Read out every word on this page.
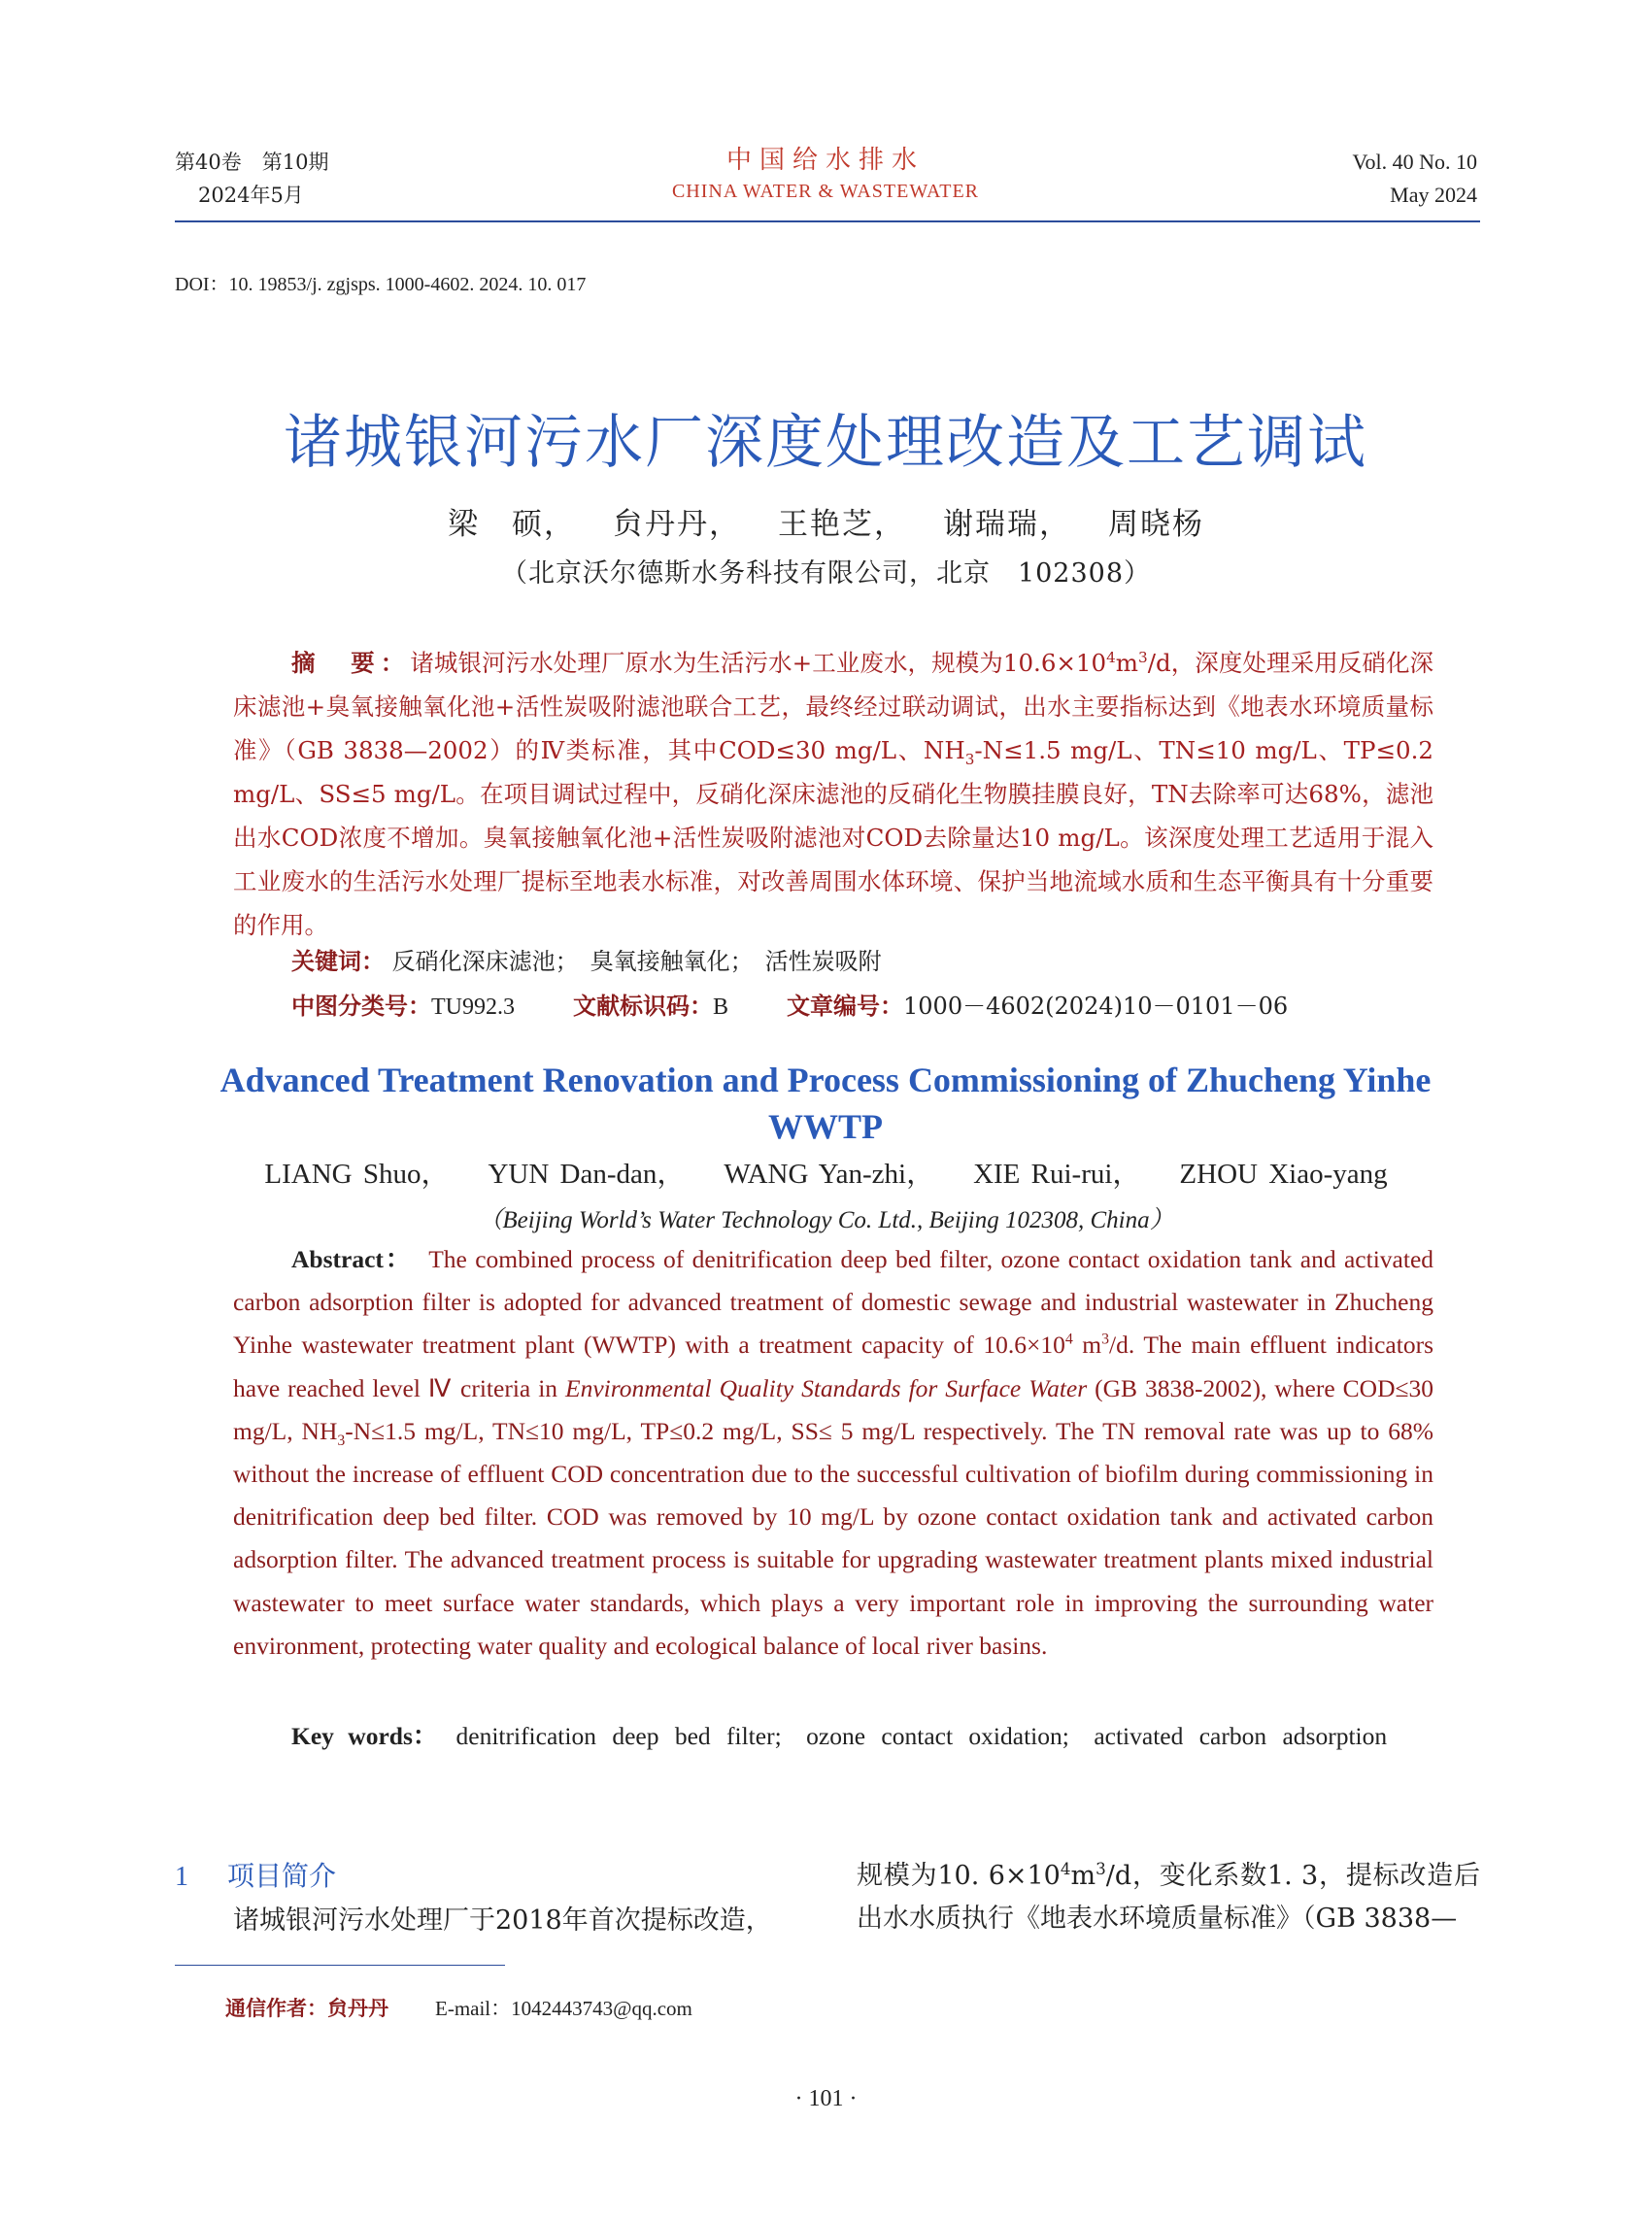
第40卷　第10期
2024年5月
中国给水排水
CHINA WATER & WASTEWATER
Vol. 40 No. 10
May 2024
DOI：10. 19853/j. zgjsps. 1000-4602. 2024. 10. 017
诸城银河污水厂深度处理改造及工艺调试
梁　硕， 贠丹丹， 王艳芝， 谢瑞瑞， 周晓杨
（北京沃尔德斯水务科技有限公司，北京　102308）
摘　要：诸城银河污水处理厂原水为生活污水+工业废水，规模为$10.6\times 10^4m^3/d$，深度处理采用反硝化深床滤池+臭氧接触氧化池+活性炭吸附滤池联合工艺，最终经过联动调试，出水主要指标达到《地表水环境质量标准》（GB 3838—2002）的Ⅳ类标准，其中COD≤30 mg/L、$NH_3-N\le 1.5$ mg/L、TN≤10 mg/L、TP≤0.2 mg/L、SS≤5 mg/L。在项目调试过程中，反硝化深床滤池的反硝化生物膜挂膜良好，TN去除率可达68%，滤池出水COD浓度不增加。臭氧接触氧化池+活性炭吸附滤池对COD去除量达10 mg/L。该深度处理工艺适用于混入工业废水的生活污水处理厂提标至地表水标准，对改善周围水体环境、保护当地流域水质和生态平衡具有十分重要的作用。
关键词： 反硝化深床滤池；　臭氧接触氧化；　活性炭吸附
中图分类号：TU992.3	文献标识码：B	文章编号：1000－4602(2024)10－0101－06
Advanced Treatment Renovation and Process Commissioning of Zhucheng Yinhe WWTP
LIANG Shuo， YUN Dan-dan， WANG Yan-zhi， XIE Rui-rui， ZHOU Xiao-yang
（Beijing World’s Water Technology Co. Ltd., Beijing 102308, China）
Abstract： The combined process of denitrification deep bed filter, ozone contact oxidation tank and activated carbon adsorption filter is adopted for advanced treatment of domestic sewage and industrial wastewater in Zhucheng Yinhe wastewater treatment plant (WWTP) with a treatment capacity of $10.6\times 10^4$ $m^3/d$. The main effluent indicators have reached level Ⅳ criteria in Environmental Quality Standards for Surface Water (GB 3838-2002), where COD≤30 mg/L, $NH_3-N\le 1.5$ mg/L, TN≤10 mg/L, TP≤0.2 mg/L, SS≤ 5 mg/L respectively. The TN removal rate was up to 68% without the increase of effluent COD concentration due to the successful cultivation of biofilm during commissioning in denitrification deep bed filter. COD was removed by 10 mg/L by ozone contact oxidation tank and activated carbon adsorption filter. The advanced treatment process is suitable for upgrading wastewater treatment plants mixed industrial wastewater to meet surface water standards, which plays a very important role in improving the surrounding water environment, protecting water quality and ecological balance of local river basins.
Key words： denitrification deep bed filter;　ozone contact oxidation;　activated carbon adsorption
1 项目简介
诸城银河污水处理厂于2018年首次提标改造，
规模为10. $6\times 10^4m^3/d$，变化系数1. 3，提标改造后出水水质执行《地表水环境质量标准》（GB 3838—
通信作者：贠丹丹 E-mail：1042443743@qq.com
· 101 ·
